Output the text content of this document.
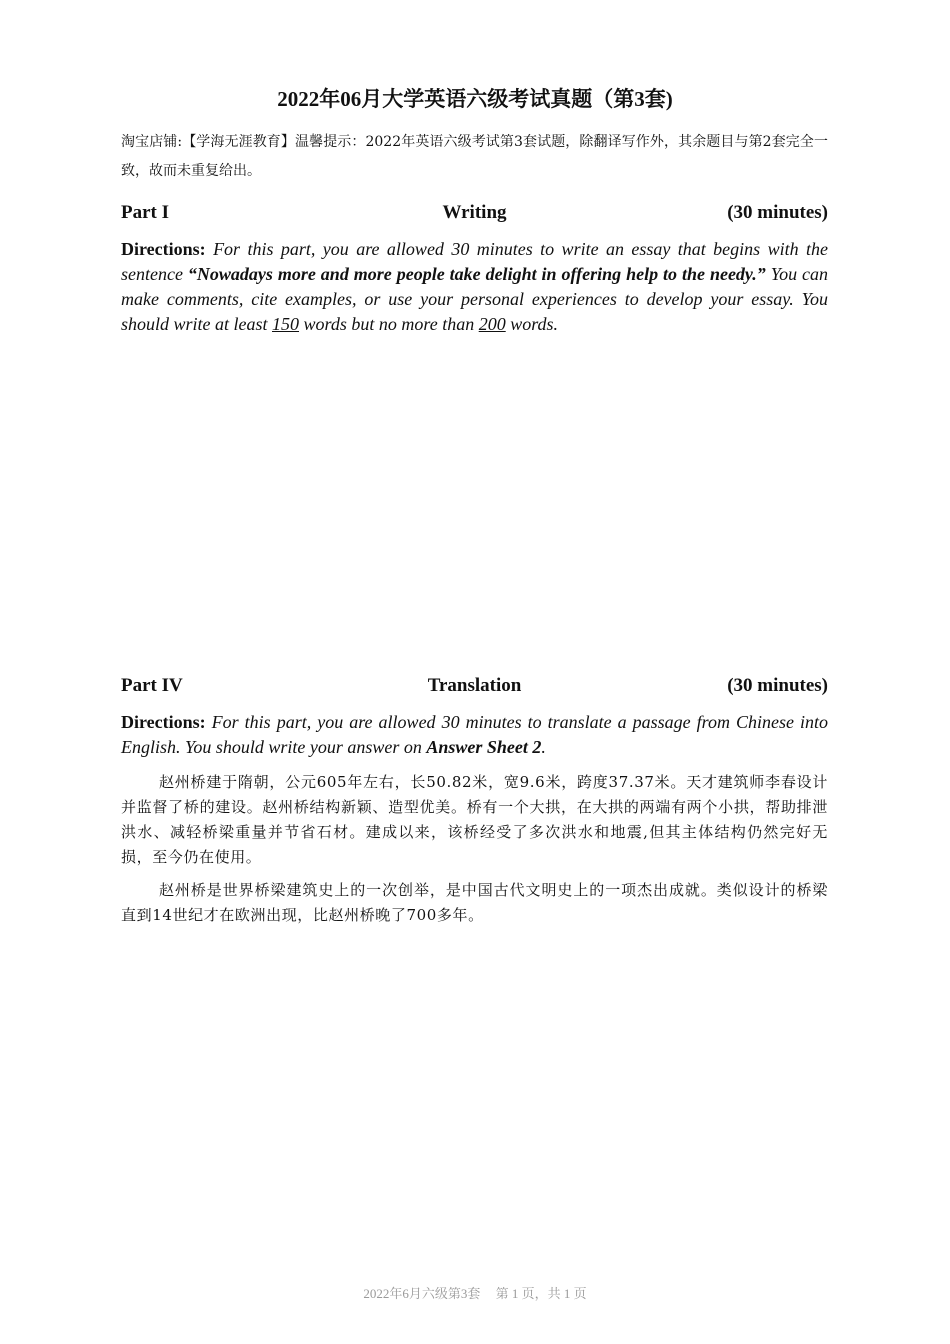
2022年06月大学英语六级考试真题（第3套)
淘宝店铺:【学海无涯教育】温馨提示：2022年英语六级考试第3套试题，除翻译写作外，其余题目与第2套完全一致，故而未重复给出。
Part I	Writing	(30 minutes)
Directions: For this part, you are allowed 30 minutes to write an essay that begins with the sentence “Nowadays more and more people take delight in offering help to the needy.” You can make comments, cite examples, or use your personal experiences to develop your essay. You should write at least 150 words but no more than 200 words.
Part IV	Translation	(30 minutes)
Directions: For this part, you are allowed 30 minutes to translate a passage from Chinese into English. You should write your answer on Answer Sheet 2.
赵州桥建于隋朝，公元605年左右，长50.82米，宽9.6米，跨度37.37米。天才建筑师李春设计并监督了桥的建设。赵州桥结构新颖、造型优美。桥有一个大拱，在大拱的两端有两个小拱，帮助排泄洪水、减轻桥梁重量并节省石材。建成以来，该桥经受了多次洪水和地震,但其主体结构仍然完好无损，至今仍在使用。
赵州桥是世界桥梁建筑史上的一次创举，是中国古代文明史上的一项杰出成就。类似设计的桥梁直到14世纪才在欧洲出现，比赵州桥晚了700多年。
2022年6月六级第3套 第 1 页，共 1 页
